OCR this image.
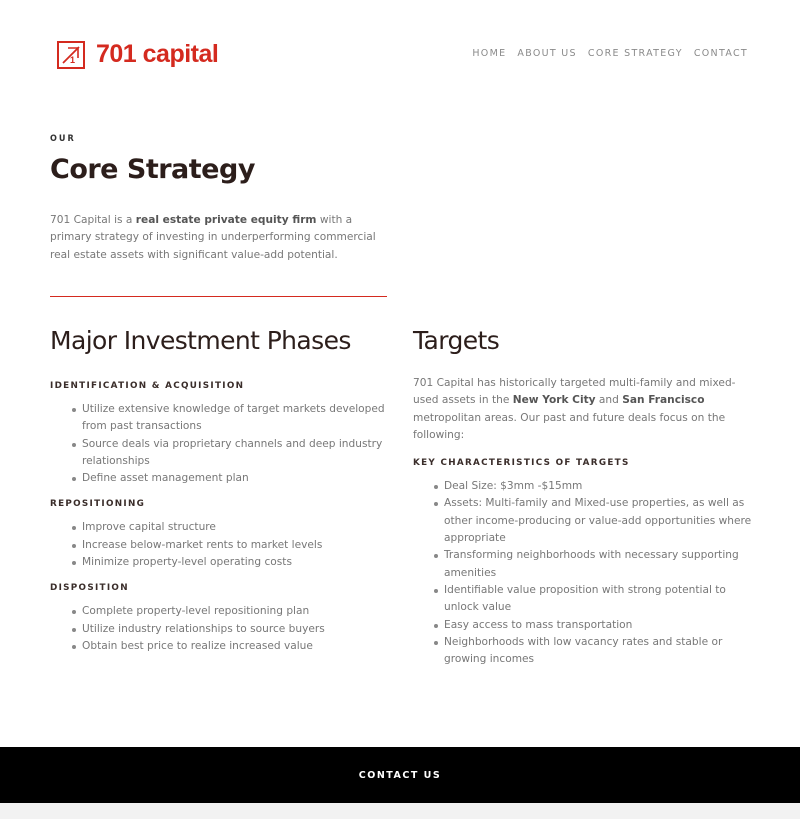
1 701 capital	HOME ABOUT US CORE STRATEGY CONTACT
OUR
Core Strategy
701 Capital is a real estate private equity firm with a primary strategy of investing in underperforming commercial real estate assets with significant value-add potential.
Major Investment Phases
IDENTIFICATION & ACQUISITION
Utilize extensive knowledge of target markets developed from past transactions
Source deals via proprietary channels and deep industry relationships
Define asset management plan
REPOSITIONING
Improve capital structure
Increase below-market rents to market levels
Minimize property-level operating costs
DISPOSITION
Complete property-level repositioning plan
Utilize industry relationships to source buyers
Obtain best price to realize increased value
Targets

701 Capital has historically targeted multi-family and mixed-used assets in the New York City and San Francisco metropolitan areas. Our past and future deals focus on the following:

KEY CHARACTERISTICS OF TARGETS
Deal Size: $3mm -$15mm
Assets: Multi-family and Mixed-use properties, as well as other income-producing or value-add opportunities where appropriate
Transforming neighborhoods with necessary supporting amenities
Identifiable value proposition with strong potential to unlock value
Easy access to mass transportation
Neighborhoods with low vacancy rates and stable or growing incomes
CONTACT US
